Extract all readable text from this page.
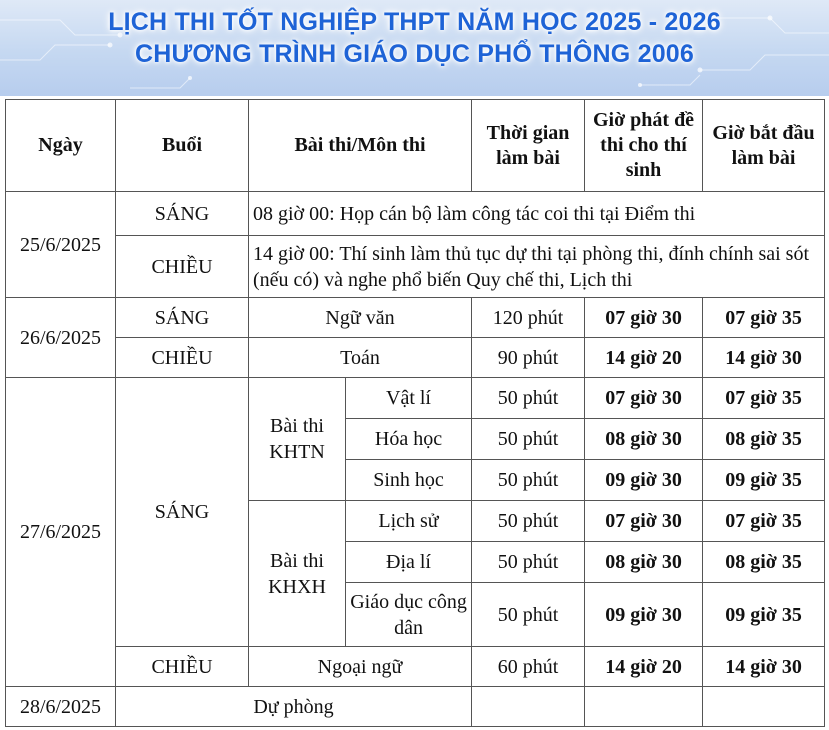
LỊCH THI TỐT NGHIỆP THPT NĂM HỌC 2025 - 2026
CHƯƠNG TRÌNH GIÁO DỤC PHỔ THÔNG 2006
Ngày	Buổi	Bài thi/Môn thi		Thời gian làm bài	Giờ phát đề thi cho thí sinh	Giờ bắt đầu làm bài
25/6/2025	SÁNG	08 giờ 00: Họp cán bộ làm công tác coi thi tại Điểm thi				
	CHIỀU	14 giờ 00: Thí sinh làm thủ tục dự thi tại phòng thi, đính chính sai sót (nếu có) và nghe phổ biến Quy chế thi, Lịch thi				
26/6/2025	SÁNG	Ngữ văn		120 phút	07 giờ 30	07 giờ 35
	CHIỀU	Toán		90 phút	14 giờ 20	14 giờ 30
27/6/2025	SÁNG	Bài thi KHTN	Vật lí	50 phút	07 giờ 30	07 giờ 35
			Hóa học	50 phút	08 giờ 30	08 giờ 35
			Sinh học	50 phút	09 giờ 30	09 giờ 35
		Bài thi KHXH	Lịch sử	50 phút	07 giờ 30	07 giờ 35
			Địa lí	50 phút	08 giờ 30	08 giờ 35
			Giáo dục công dân	50 phút	09 giờ 30	09 giờ 35
	CHIỀU	Ngoại ngữ		60 phút	14 giờ 20	14 giờ 30
28/6/2025	Dự phòng					
